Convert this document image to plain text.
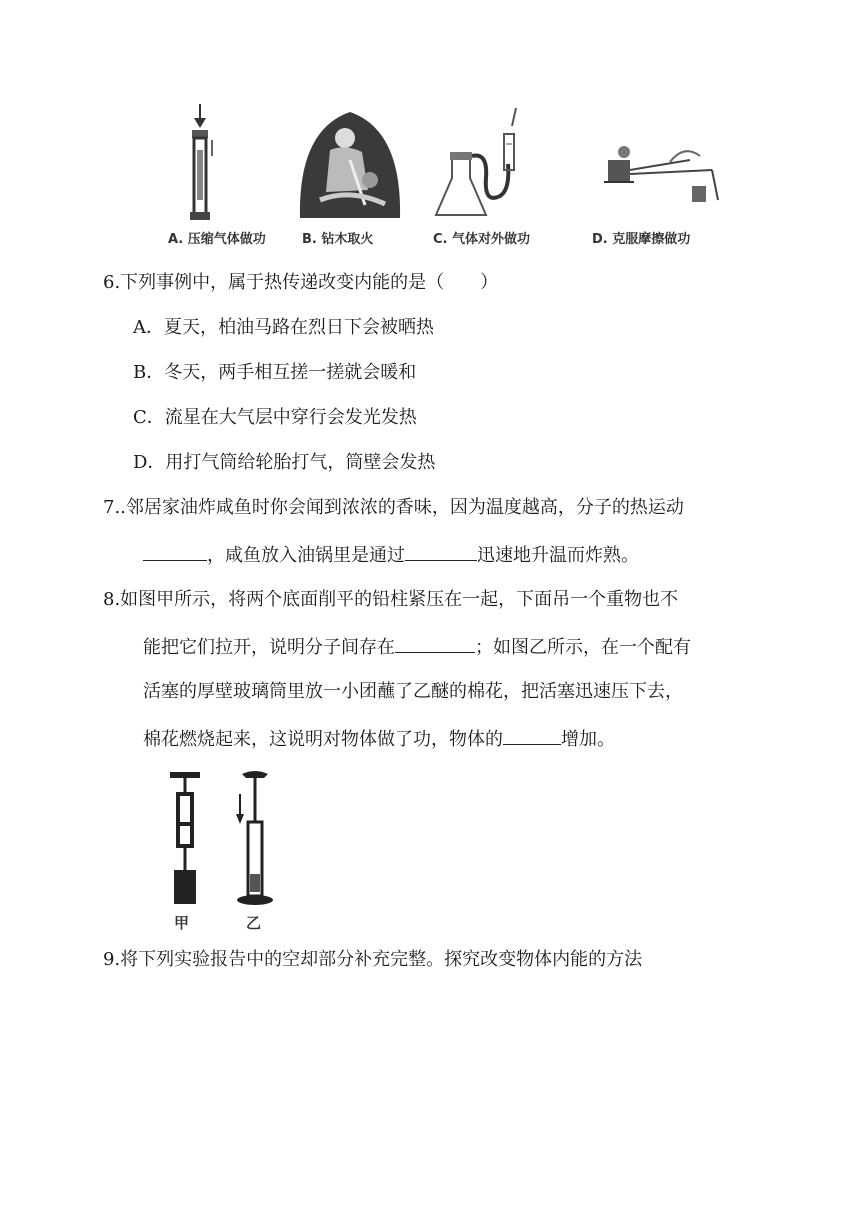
A. 压缩气体做功	B. 钻木取火	C. 气体对外做功	D. 克服摩擦做功
6.下列事例中，属于热传递改变内能的是（　　）
A．夏天，柏油马路在烈日下会被晒热
B．冬天，两手相互搓一搓就会暖和
C．流星在大气层中穿行会发光发热
D．用打气筒给轮胎打气，筒壁会发热
7..邻居家油炸咸鱼时你会闻到浓浓的香味，因为温度越高，分子的热运动
，咸鱼放入油锅里是通过	迅速地升温而炸熟。
8.如图甲所示，将两个底面削平的铅柱紧压在一起，下面吊一个重物也不
能把它们拉开，说明分子间存在	；如图乙所示，在一个配有
活塞的厚壁玻璃筒里放一小团蘸了乙醚的棉花，把活塞迅速压下去，
棉花燃烧起来，这说明对物体做了功，物体的	增加。
甲	乙
9.将下列实验报告中的空却部分补充完整。探究改变物体内能的方法
